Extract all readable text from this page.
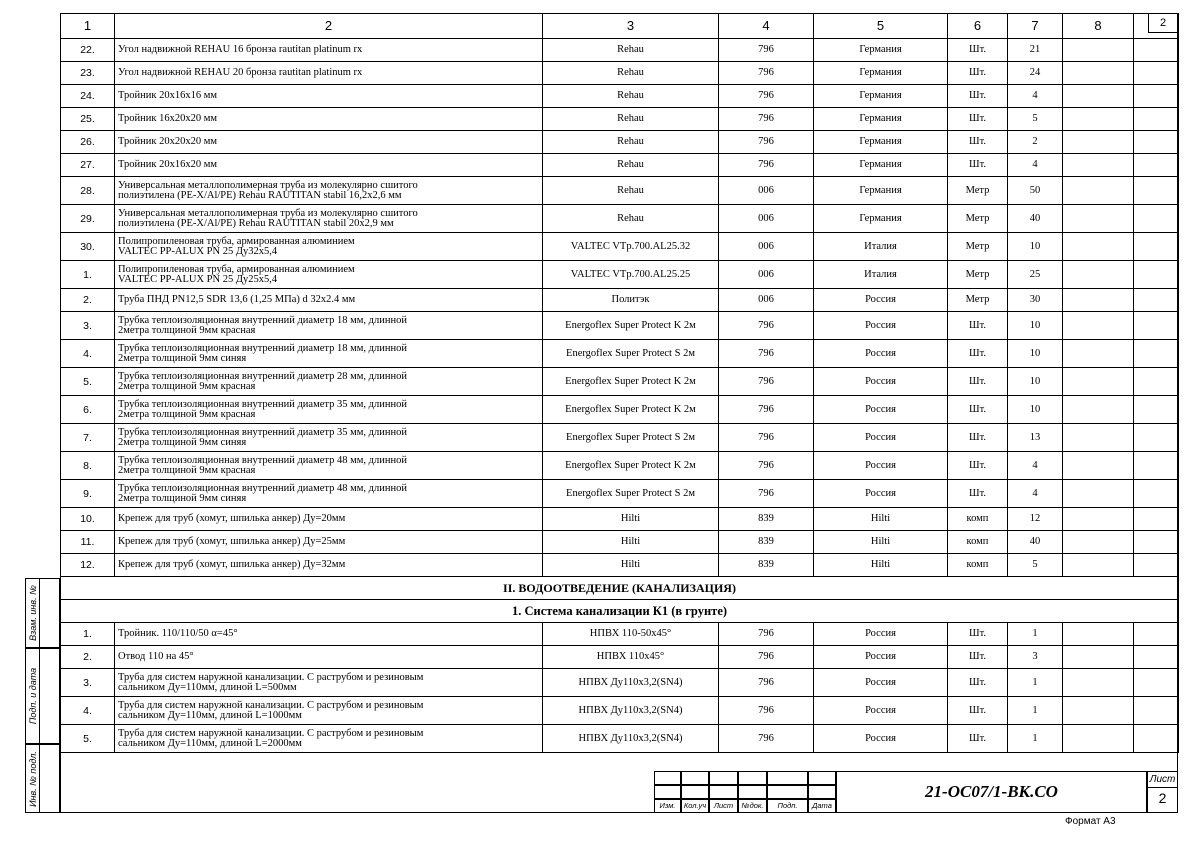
1	2	3	4	5	6	7	8	
22.	Угол надвижной REHAU 16 бронза rautitan platinum rx	Rehau	796	Германия	Шт.	21		
23.	Угол надвижной REHAU 20 бронза rautitan platinum rx	Rehau	796	Германия	Шт.	24		
24.	Тройник 20х16х16 мм	Rehau	796	Германия	Шт.	4		
25.	Тройник 16х20х20 мм	Rehau	796	Германия	Шт.	5		
26.	Тройник 20х20х20 мм	Rehau	796	Германия	Шт.	2		
27.	Тройник 20х16х20 мм	Rehau	796	Германия	Шт.	4		
28.	Универсальная металлополимерная труба из молекулярно сшитого
полиэтилена (PE-X/Al/PE) Rehau RAUTITAN stabil 16,2х2,6 мм	Rehau	006	Германия	Метр	50		
29.	Универсальная металлополимерная труба из молекулярно сшитого
полиэтилена (PE-X/Al/PE) Rehau RAUTITAN stabil 20х2,9 мм	Rehau	006	Германия	Метр	40		
30.	Полипропиленовая труба, армированная алюминием
VALTEC PP-ALUX PN 25 Ду32х5,4	VALTEC VTp.700.AL25.32	006	Италия	Метр	10		
1.	Полипропиленовая труба, армированная алюминием
VALTEC PP-ALUX PN 25 Ду25х5,4	VALTEC VTp.700.AL25.25	006	Италия	Метр	25		
2.	Труба ПНД PN12,5 SDR 13,6 (1,25 МПа) d 32х2.4 мм	Политэк	006	Россия	Метр	30		
3.	Трубка теплоизоляционная внутренний диаметр 18 мм, длинной
2метра толщиной 9мм красная	Energoflex Super Protect K 2м	796	Россия	Шт.	10		
4.	Трубка теплоизоляционная внутренний диаметр 18 мм, длинной
2метра толщиной 9мм синяя	Energoflex Super Protect S 2м	796	Россия	Шт.	10		
5.	Трубка теплоизоляционная внутренний диаметр 28 мм, длинной
2метра толщиной 9мм красная	Energoflex Super Protect K 2м	796	Россия	Шт.	10		
6.	Трубка теплоизоляционная внутренний диаметр 35 мм, длинной
2метра толщиной 9мм красная	Energoflex Super Protect K 2м	796	Россия	Шт.	10		
7.	Трубка теплоизоляционная внутренний диаметр 35 мм, длинной
2метра толщиной 9мм синяя	Energoflex Super Protect S 2м	796	Россия	Шт.	13		
8.	Трубка теплоизоляционная внутренний диаметр 48 мм, длинной
2метра толщиной 9мм красная	Energoflex Super Protect K 2м	796	Россия	Шт.	4		
9.	Трубка теплоизоляционная внутренний диаметр 48 мм, длинной
2метра толщиной 9мм синяя	Energoflex Super Protect S 2м	796	Россия	Шт.	4		
10.	Крепеж для труб (хомут, шпилька анкер) Ду=20мм	Hilti	839	Hilti	комп	12		
11.	Крепеж для труб (хомут, шпилька анкер) Ду=25мм	Hilti	839	Hilti	комп	40		
12.	Крепеж для труб (хомут, шпилька анкер) Ду=32мм	Hilti	839	Hilti	комп	5		
II. ВОДООТВЕДЕНИЕ (КАНАЛИЗАЦИЯ)								
1. Система канализации К1 (в грунте)								
1.	Тройник. 110/110/50 α=45°	НПВХ 110-50х45°	796	Россия	Шт.	1		
2.	Отвод 110 на 45°	НПВХ 110х45°	796	Россия	Шт.	3		
3.	Труба для систем наружной канализации. С раструбом и резиновым
сальником Ду=110мм, длиной L=500мм	НПВХ Ду110х3,2(SN4)	796	Россия	Шт.	1		
4.	Труба для систем наружной канализации. С раструбом и резиновым
сальником Ду=110мм, длиной L=1000мм	НПВХ Ду110х3,2(SN4)	796	Россия	Шт.	1		
5.	Труба для систем наружной канализации. С раструбом и резиновым
сальником Ду=110мм, длиной L=2000мм	НПВХ Ду110х3,2(SN4)	796	Россия	Шт.	1		
2
Взам. инв. №
Подп. и дата
Инв. № подл.	Изм.	Кол.уч	Лист	№док.	Подп.	Дата
21-ОС07/1-ВК.СО
Лист
2
Формат А3
